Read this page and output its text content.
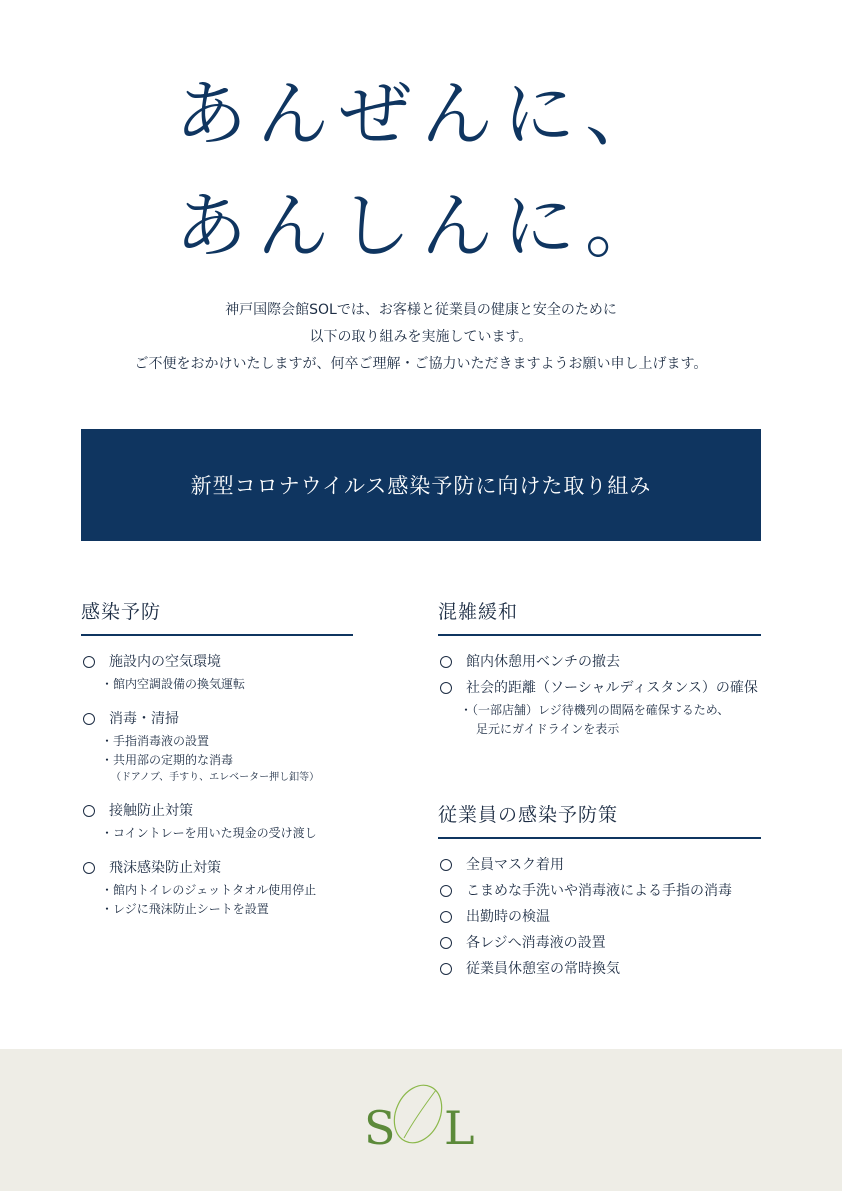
あんぜんに、
あんしんに。
神戸国際会館SOLでは、お客様と従業員の健康と安全のために
以下の取り組みを実施しています。
ご不便をおかけいたしますが、何卒ご理解・ご協力いただきますようお願い申し上げます。
新型コロナウイルス感染予防に向けた取り組み
感染予防
施設内の空気環境
・館内空調設備の換気運転
消毒・清掃
・手指消毒液の設置
・共用部の定期的な消毒
（ドアノブ、手すり、エレベーター押し釦等）
接触防止対策
・コイントレーを用いた現金の受け渡し
飛沫感染防止対策
・館内トイレのジェットタオル使用停止
・レジに飛沫防止シートを設置
混雑緩和
館内休憩用ベンチの撤去
社会的距離（ソーシャルディスタンス）の確保
・（一部店舗）レジ待機列の間隔を確保するため、
足元にガイドラインを表示
従業員の感染予防策
全員マスク着用
こまめな手洗いや消毒液による手指の消毒
出勤時の検温
各レジへ消毒液の設置
従業員休憩室の常時換気
S L
